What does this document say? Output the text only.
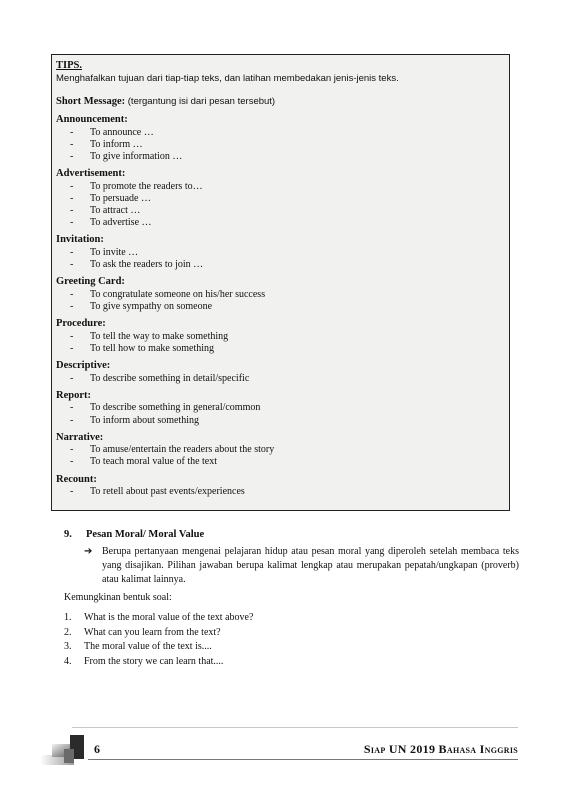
TIPS.
Menghafalkan tujuan dari tiap-tiap teks, dan latihan membedakan jenis-jenis teks.
Short Message: (tergantung isi dari pesan tersebut)
Announcement:
-	To announce …
-	To inform …
-	To give information …
Advertisement:
-	To promote the readers to…
-	To persuade …
-	To attract …
-	To advertise …
Invitation:
-	To invite …
-	To ask the readers to join …
Greeting Card:
-	To congratulate someone on his/her success
-	To give sympathy on someone
Procedure:
-	To tell the way to make something
-	To tell how to make something
Descriptive:
-	To describe something in detail/specific
Report:
-	To describe something in general/common
-	To inform about something
Narrative:
-	To amuse/entertain the readers about the story
-	To teach moral value of the text
Recount:
-	To retell about past events/experiences
9.	Pesan Moral/ Moral Value
➔ Berupa pertanyaan mengenai pelajaran hidup atau pesan moral yang diperoleh setelah membaca teks yang disajikan. Pilihan jawaban berupa kalimat lengkap atau merupakan pepatah/ungkapan (proverb) atau kalimat lainnya.
Kemungkinan bentuk soal:
1.	What is the moral value of the text above?
2.	What can you learn from the text?
3.	The moral value of the text is....
4.	From the story we can learn that....
6	Siap UN 2019 Bahasa Inggris
